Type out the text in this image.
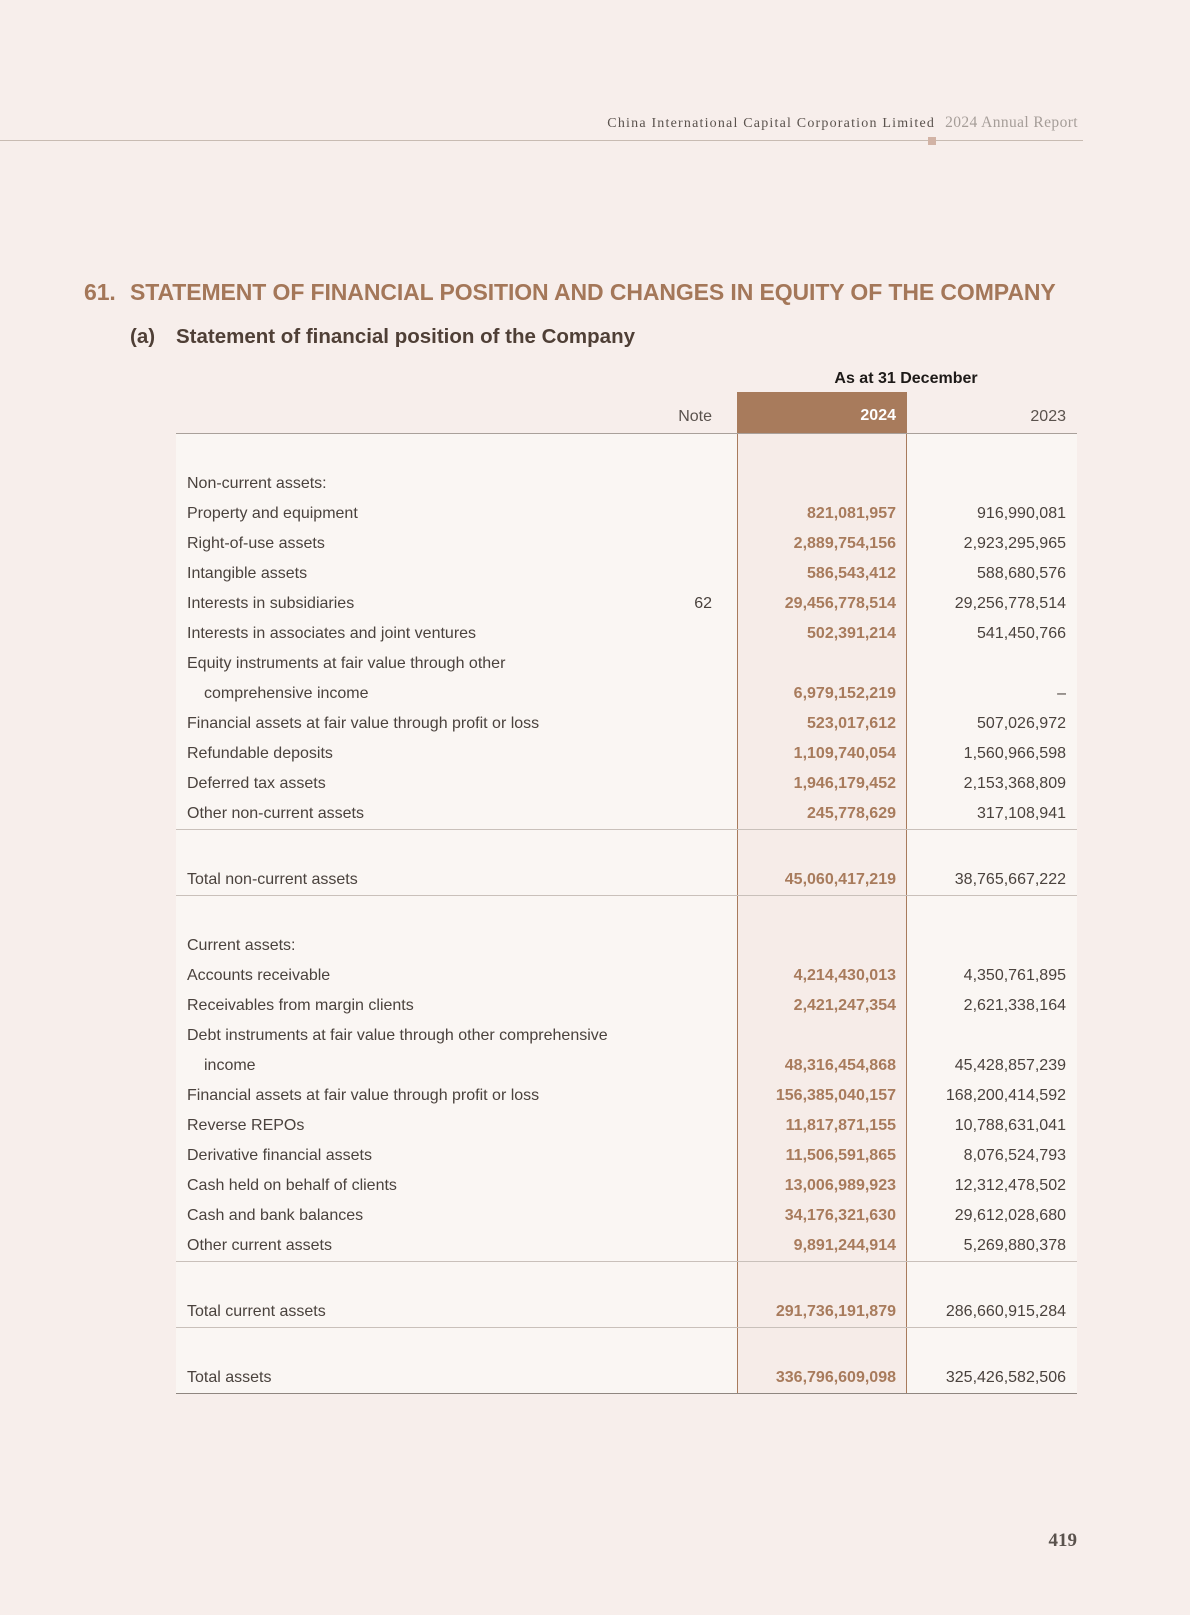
China International Capital Corporation Limited 2024 Annual Report
61. STATEMENT OF FINANCIAL POSITION AND CHANGES IN EQUITY OF THE COMPANY
(a) Statement of financial position of the Company
As at 31 December
Note	2024	2023
Non-current assets:
Property and equipment	821,081,957	916,990,081
Right-of-use assets	2,889,754,156	2,923,295,965
Intangible assets	586,543,412	588,680,576
Interests in subsidiaries	62	29,456,778,514	29,256,778,514
Interests in associates and joint ventures	502,391,214	541,450,766
Equity instruments at fair value through other
comprehensive income	6,979,152,219	–
Financial assets at fair value through profit or loss	523,017,612	507,026,972
Refundable deposits	1,109,740,054	1,560,966,598
Deferred tax assets	1,946,179,452	2,153,368,809
Other non-current assets	245,778,629	317,108,941
Total non-current assets	45,060,417,219	38,765,667,222
Current assets:
Accounts receivable	4,214,430,013	4,350,761,895
Receivables from margin clients	2,421,247,354	2,621,338,164
Debt instruments at fair value through other comprehensive
income	48,316,454,868	45,428,857,239
Financial assets at fair value through profit or loss	156,385,040,157	168,200,414,592
Reverse REPOs	11,817,871,155	10,788,631,041
Derivative financial assets	11,506,591,865	8,076,524,793
Cash held on behalf of clients	13,006,989,923	12,312,478,502
Cash and bank balances	34,176,321,630	29,612,028,680
Other current assets	9,891,244,914	5,269,880,378
Total current assets	291,736,191,879	286,660,915,284
Total assets	336,796,609,098	325,426,582,506
419
